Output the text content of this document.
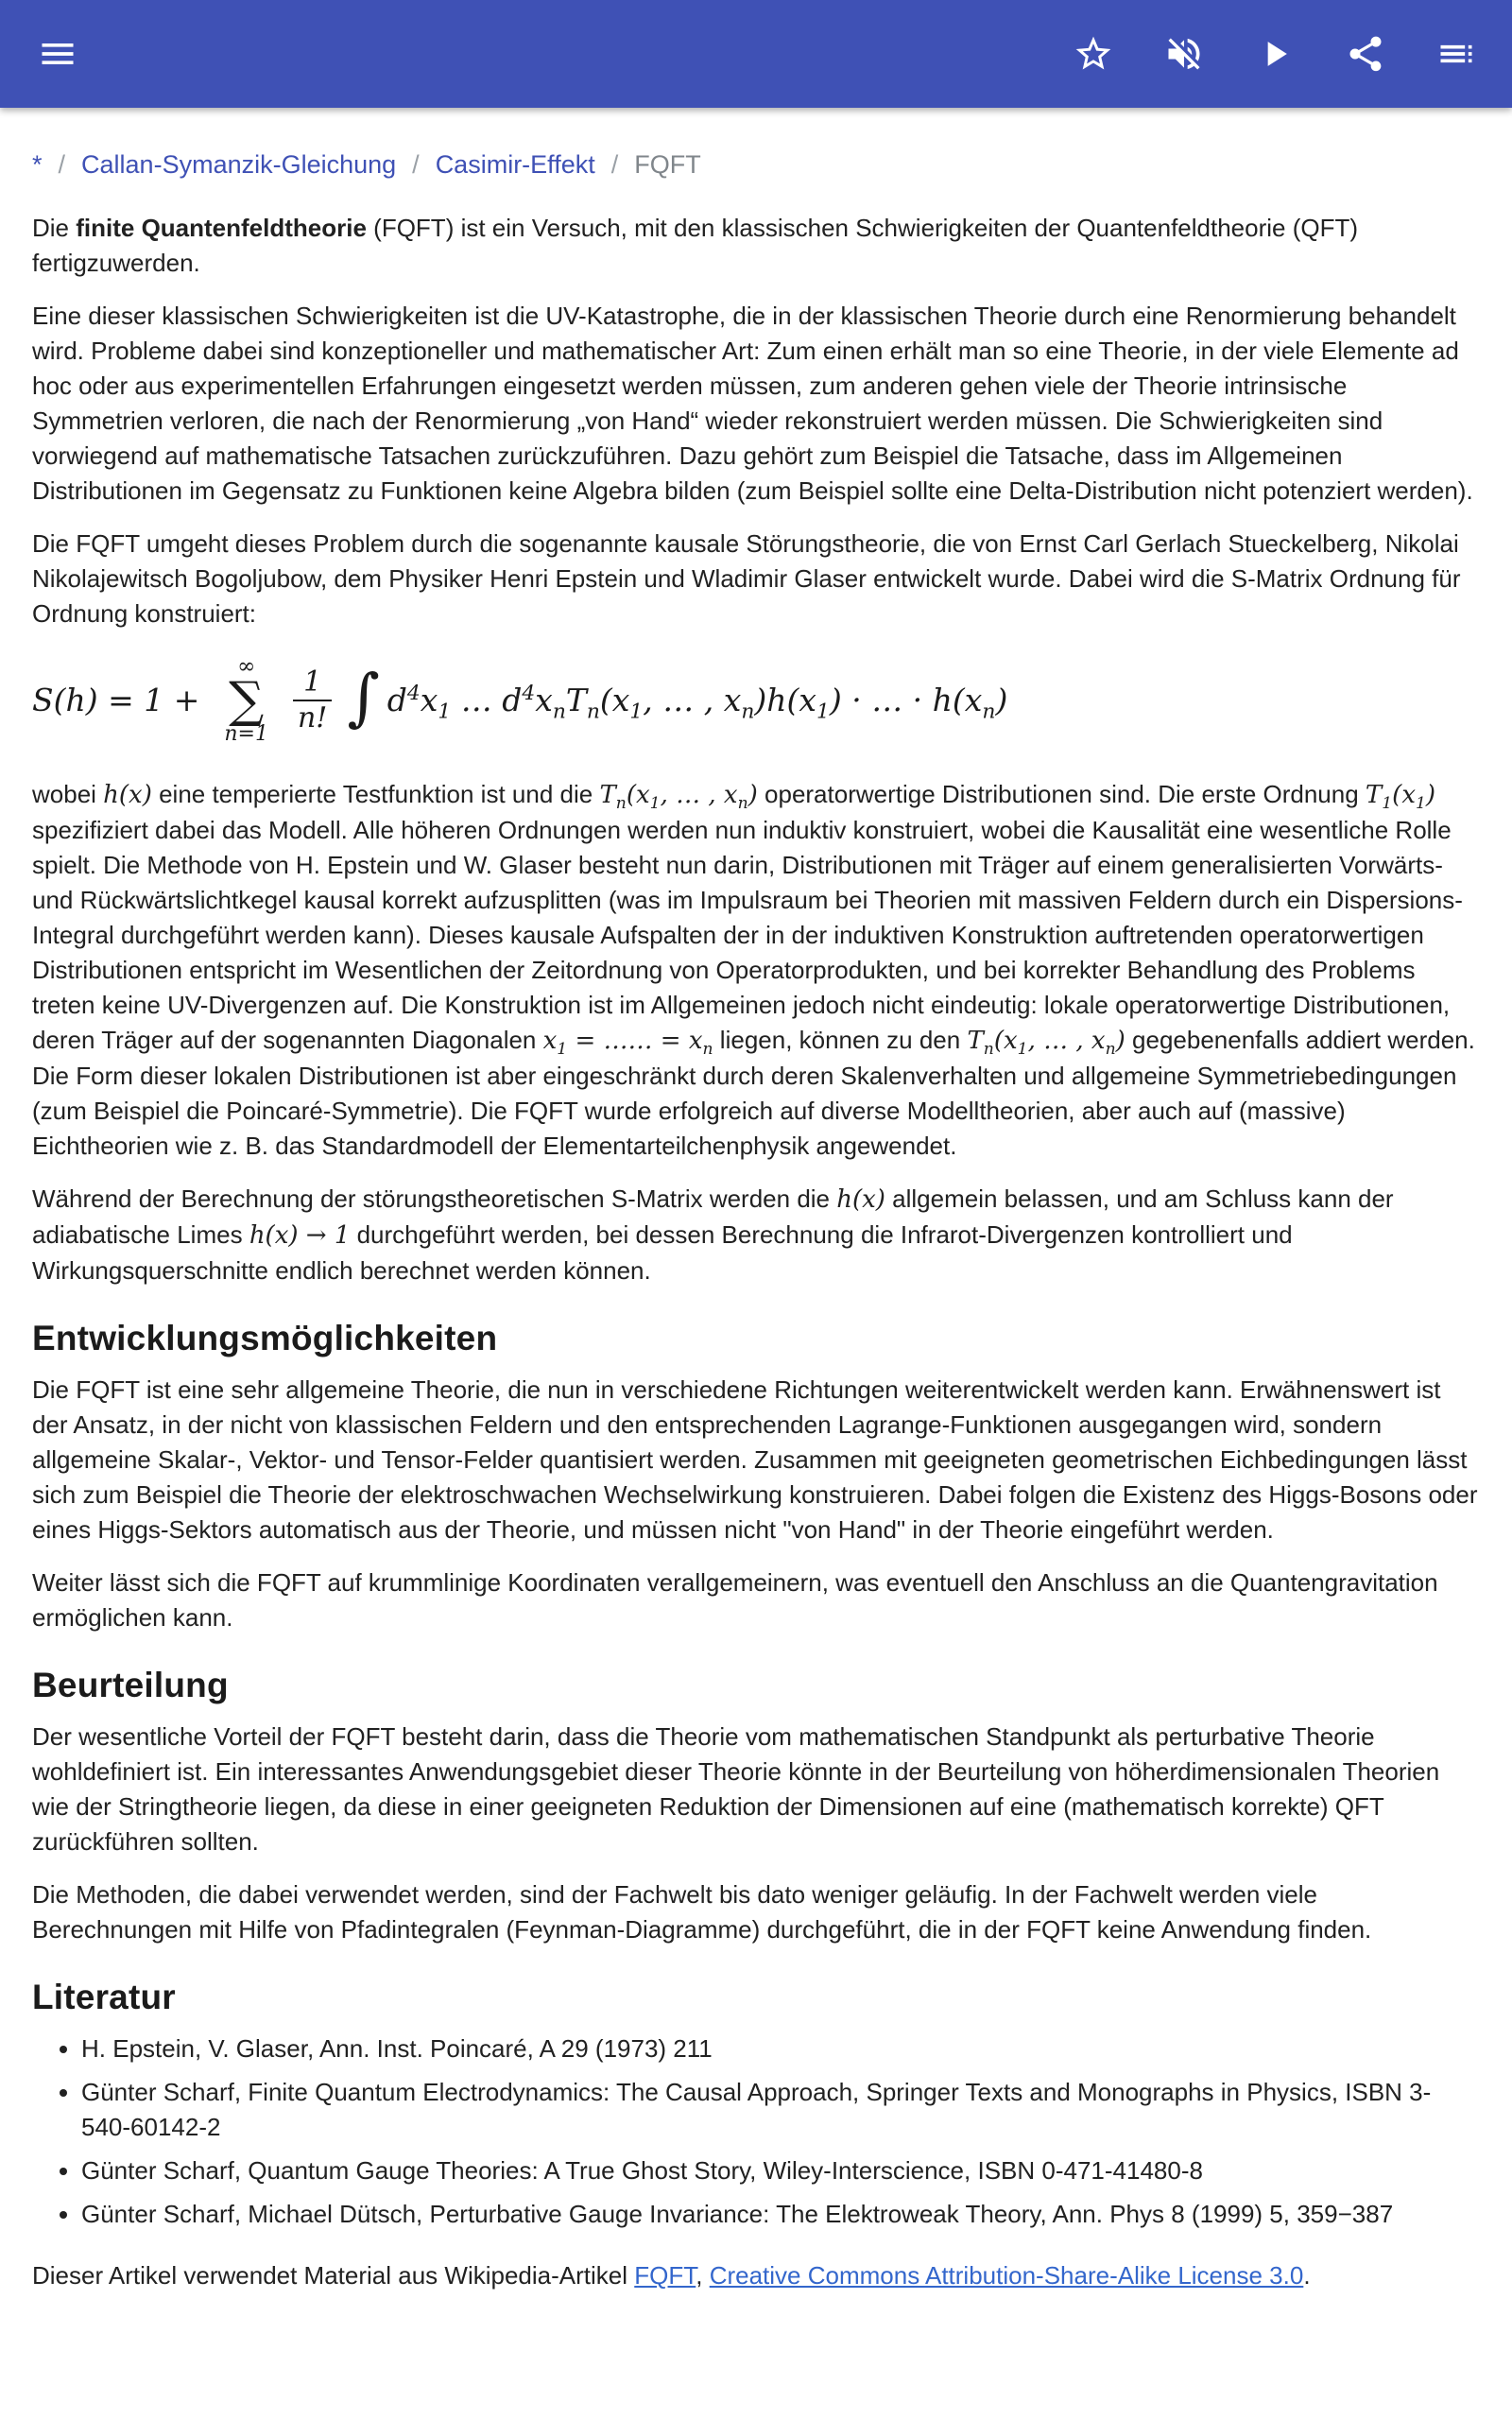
* / Callan-Symanzik-Gleichung / Casimir-Effekt / FQFT

Die finite Quantenfeldtheorie (FQFT) ist ein Versuch, mit den klassischen Schwierigkeiten der Quantenfeldtheorie (QFT) fertigzuwerden.

Eine dieser klassischen Schwierigkeiten ist die UV-Katastrophe, die in der klassischen Theorie durch eine Renormierung behandelt wird. Probleme dabei sind konzeptioneller und mathematischer Art: Zum einen erhält man so eine Theorie, in der viele Elemente ad hoc oder aus experimentellen Erfahrungen eingesetzt werden müssen, zum anderen gehen viele der Theorie intrinsische Symmetrien verloren, die nach der Renormierung „von Hand“ wieder rekonstruiert werden müssen. Die Schwierigkeiten sind vorwiegend auf mathematische Tatsachen zurückzuführen. Dazu gehört zum Beispiel die Tatsache, dass im Allgemeinen Distributionen im Gegensatz zu Funktionen keine Algebra bilden (zum Beispiel sollte eine Delta-Distribution nicht potenziert werden).

Die FQFT umgeht dieses Problem durch die sogenannte kausale Störungstheorie, die von Ernst Carl Gerlach Stueckelberg, Nikolai Nikolajewitsch Bogoljubow, dem Physiker Henri Epstein und Wladimir Glaser entwickelt wurde. Dabei wird die S-Matrix Ordnung für Ordnung konstruiert:

S(h) = 1 +
∞
∑
$n=1 \frac{1}{n!}$ ∫ $d^4x_1$ … $d^4x_nT_n(x_1$, … , $x_n)h(x_1)$ · … · $h(x_n)$

wobei h(x) eine temperierte Testfunktion ist und die $T_n(x_1$, … , $x_n$) operatorwertige Distributionen sind. Die erste Ordnung $T_1(x_1)$ spezifiziert dabei das Modell. Alle höheren Ordnungen werden nun induktiv konstruiert, wobei die Kausalität eine wesentliche Rolle spielt. Die Methode von H. Epstein und W. Glaser besteht nun darin, Distributionen mit Träger auf einem generalisierten Vorwärts- und Rückwärtslichtkegel kausal korrekt aufzusplitten (was im Impulsraum bei Theorien mit massiven Feldern durch ein Dispersions-Integral durchgeführt werden kann). Dieses kausale Aufspalten der in der induktiven Konstruktion auftretenden operatorwertigen Distributionen entspricht im Wesentlichen der Zeitordnung von Operatorprodukten, und bei korrekter Behandlung des Problems treten keine UV-Divergenzen auf. Die Konstruktion ist im Allgemeinen jedoch nicht eindeutig: lokale operatorwertige Distributionen, deren Träger auf der sogenannten Diagonalen $x_1$ = …… = $x_n$ liegen, können zu den $T_n(x_1$, … , $x_n$) gegebenenfalls addiert werden. Die Form dieser lokalen Distributionen ist aber eingeschränkt durch deren Skalenverhalten und allgemeine Symmetriebedingungen (zum Beispiel die Poincaré-Symmetrie). Die FQFT wurde erfolgreich auf diverse Modelltheorien, aber auch auf (massive) Eichtheorien wie z. B. das Standardmodell der Elementarteilchenphysik angewendet.

Während der Berechnung der störungstheoretischen S-Matrix werden die h(x) allgemein belassen, und am Schluss kann der adiabatische Limes h(x) → 1 durchgeführt werden, bei dessen Berechnung die Infrarot-Divergenzen kontrolliert und Wirkungsquerschnitte endlich berechnet werden können.

Entwicklungsmöglichkeiten

Die FQFT ist eine sehr allgemeine Theorie, die nun in verschiedene Richtungen weiterentwickelt werden kann. Erwähnenswert ist der Ansatz, in der nicht von klassischen Feldern und den entsprechenden Lagrange-Funktionen ausgegangen wird, sondern allgemeine Skalar-, Vektor- und Tensor-Felder quantisiert werden. Zusammen mit geeigneten geometrischen Eichbedingungen lässt sich zum Beispiel die Theorie der elektroschwachen Wechselwirkung konstruieren. Dabei folgen die Existenz des Higgs-Bosons oder eines Higgs-Sektors automatisch aus der Theorie, und müssen nicht "von Hand" in der Theorie eingeführt werden.

Weiter lässt sich die FQFT auf krummlinige Koordinaten verallgemeinern, was eventuell den Anschluss an die Quantengravitation ermöglichen kann.

Beurteilung

Der wesentliche Vorteil der FQFT besteht darin, dass die Theorie vom mathematischen Standpunkt als perturbative Theorie wohldefiniert ist. Ein interessantes Anwendungsgebiet dieser Theorie könnte in der Beurteilung von höherdimensionalen Theorien wie der Stringtheorie liegen, da diese in einer geeigneten Reduktion der Dimensionen auf eine (mathematisch korrekte) QFT zurückführen sollten.

Die Methoden, die dabei verwendet werden, sind der Fachwelt bis dato weniger geläufig. In der Fachwelt werden viele Berechnungen mit Hilfe von Pfadintegralen (Feynman-Diagramme) durchgeführt, die in der FQFT keine Anwendung finden.

Literatur
• H. Epstein, V. Glaser, Ann. Inst. Poincaré, A 29 (1973) 211
• Günter Scharf, Finite Quantum Electrodynamics: The Causal Approach, Springer Texts and Monographs in Physics, ISBN 3-540-60142-2
• Günter Scharf, Quantum Gauge Theories: A True Ghost Story, Wiley-Interscience, ISBN 0-471-41480-8
• Günter Scharf, Michael Dütsch, Perturbative Gauge Invariance: The Elektroweak Theory, Ann. Phys 8 (1999) 5, 359−387
Dieser Artikel verwendet Material aus Wikipedia-Artikel FQFT, Creative Commons Attribution-Share-Alike License 3.0.
